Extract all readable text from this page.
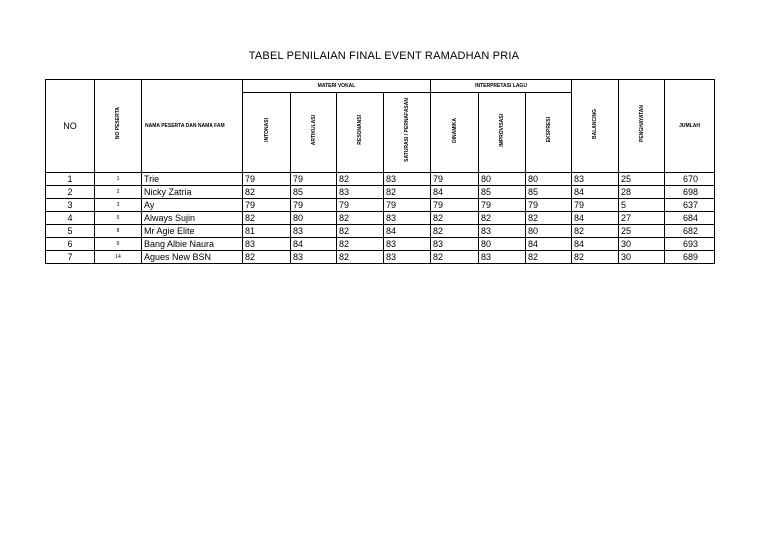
TABEL PENILAIAN FINAL EVENT RAMADHAN PRIA
NO	NO PESERTA	NAMA PESERTA DAN NAMA FAM	MATERI VOKAL				INTERPRETASI LAGU			BALANCING	PENGHAYATAN	JUMLAH
			INTONASI	ARTIKULASI	RESONANSI	SATURASI / PERNAFASAN	DINAMIKA	IMPROVISASI	EKSPRESI			
1	1	Trie	79	79	82	83	79	80	80	83	25	670
2	2	Nicky Zatria	82	85	83	82	84	85	85	84	28	698
3	3	Ay	79	79	79	79	79	79	79	79	5	637
4	5	Always Sujin	82	80	82	83	82	82	82	84	27	684
5	8	Mr Agie Elite	81	83	82	84	82	83	80	82	25	682
6	9	Bang Albie Naura	83	84	82	83	83	80	84	84	30	693
7	14	Agues New BSN	82	83	82	83	82	83	82	82	30	689
